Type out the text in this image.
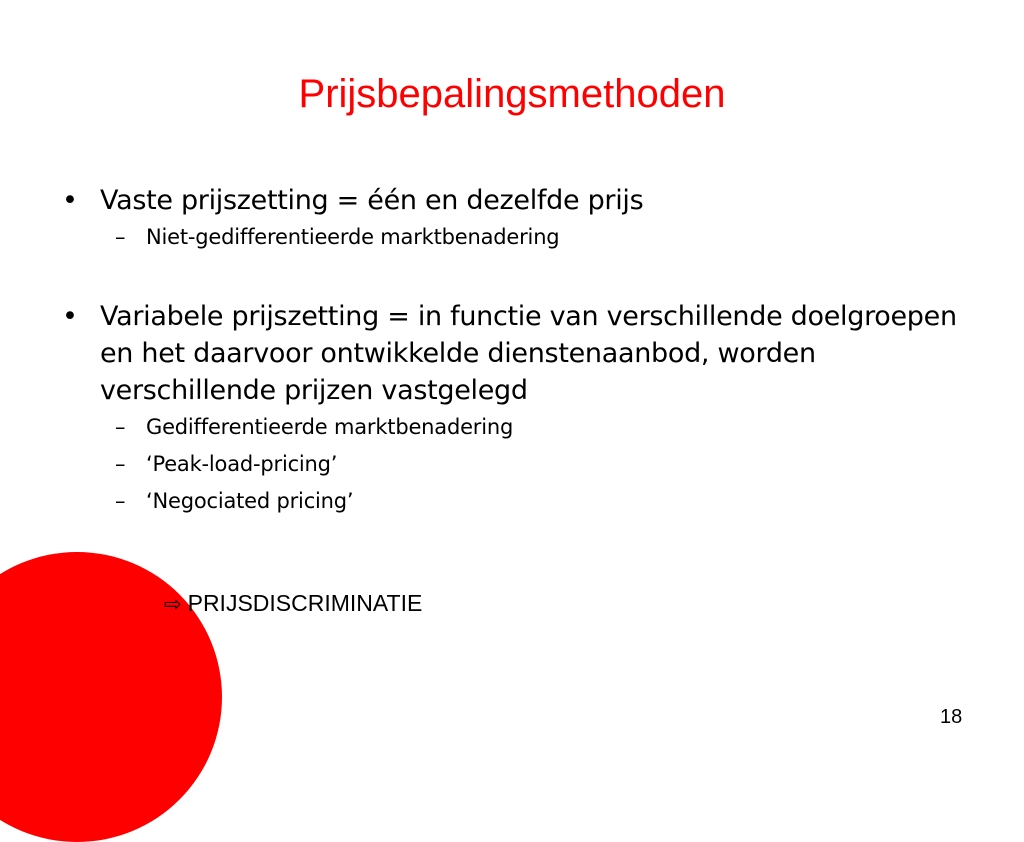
Prijsbepalingsmethoden
• Vaste prijszetting = één en dezelfde prijs
– Niet-gedifferentieerde marktbenadering
• Variabele prijszetting = in functie van verschillende doelgroepen en het daarvoor ontwikkelde dienstenaanbod, worden verschillende prijzen vastgelegd
– Gedifferentieerde marktbenadering
– ‘Peak-load-pricing’
– ‘Negociated pricing’
⇨ PRIJSDISCRIMINATIE
18
